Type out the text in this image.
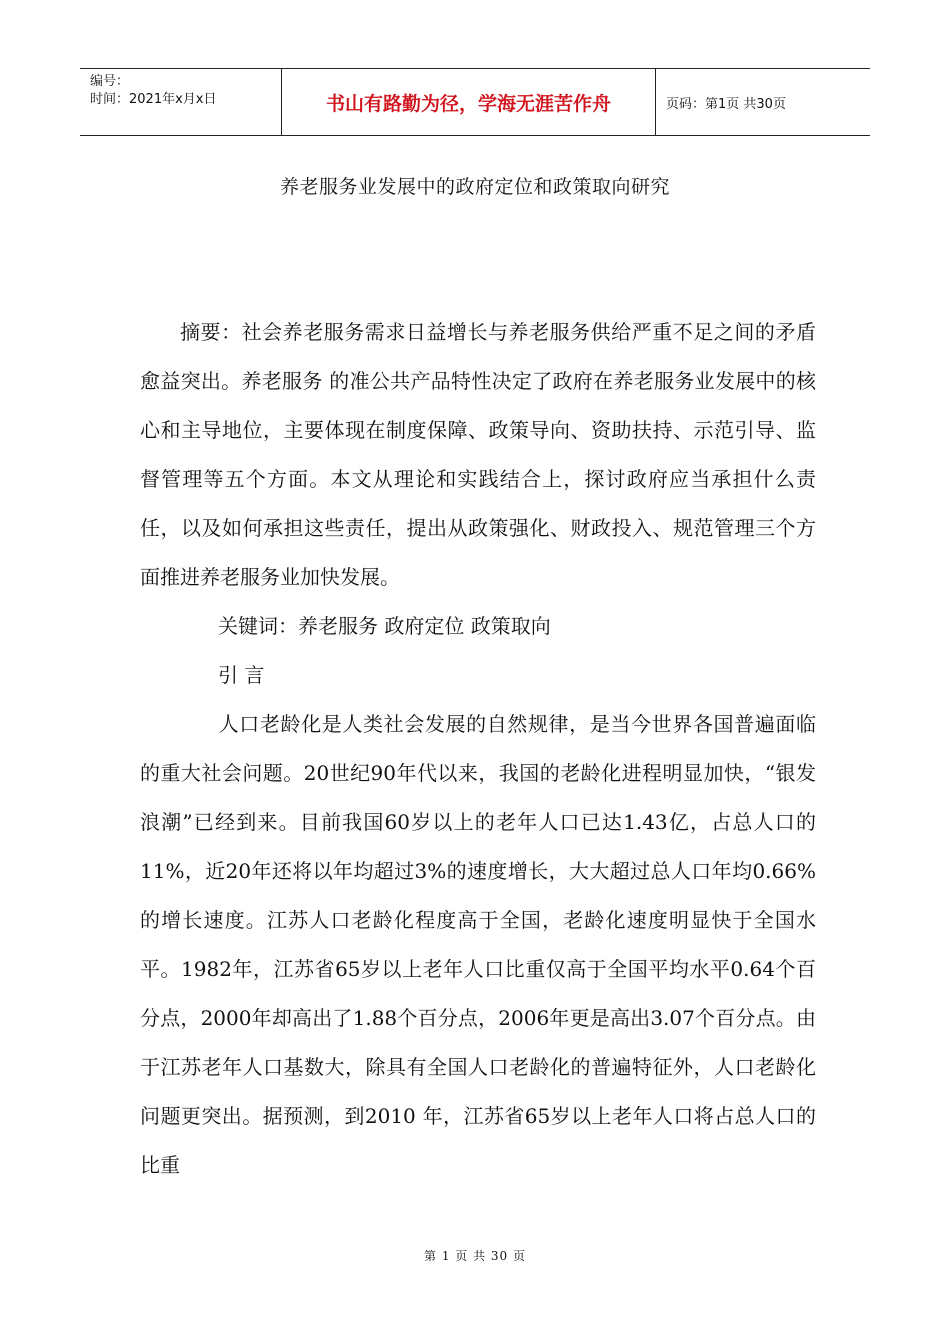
编号：
时间：2021年x月x日	书山有路勤为径，学海无涯苦作舟	页码：第1页 共30页
养老服务业发展中的政府定位和政策取向研究

摘要：社会养老服务需求日益增长与养老服务供给严重不足之间的矛盾愈益突出。养老服务 的准公共产品特性决定了政府在养老服务业发展中的核心和主导地位，主要体现在制度保障、政策导向、资助扶持、示范引导、监督管理等五个方面。本文从理论和实践结合上，探讨政府应当承担什么责任，以及如何承担这些责任，提出从政策强化、财政投入、规范管理三个方面推进养老服务业加快发展。

关键词：养老服务 政府定位 政策取向

引 言

人口老龄化是人类社会发展的自然规律，是当今世界各国普遍面临的重大社会问题。20世纪90年代以来，我国的老龄化进程明显加快，“银发浪潮”已经到来。目前我国60岁以上的老年人口已达1.43亿，占总人口的11%，近20年还将以年均超过3%的速度增长，大大超过总人口年均0.66%的增长速度。江苏人口老龄化程度高于全国，老龄化速度明显快于全国水平。1982年，江苏省65岁以上老年人口比重仅高于全国平均水平0.64个百分点，2000年却高出了1.88个百分点，2006年更是高出3.07个百分点。由于江苏老年人口基数大，除具有全国人口老龄化的普遍特征外，人口老龄化问题更突出。据预测，到2010 年，江苏省65岁以上老年人口将占总人口的比重

第 1 页 共 30 页
